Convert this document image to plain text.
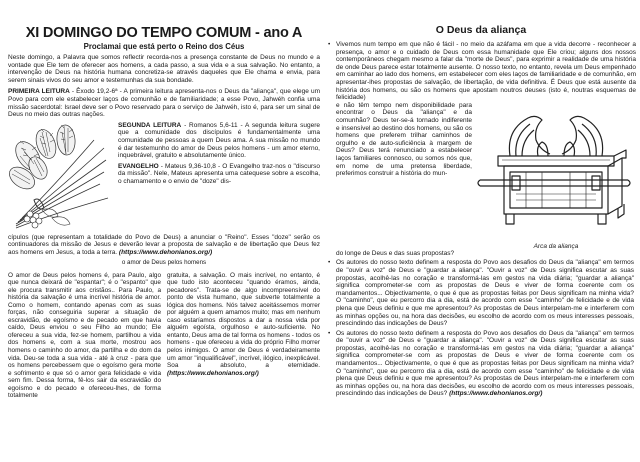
XI DOMINGO DO TEMPO COMUM - ano A
Proclamai que está perto o Reino dos Céus

Neste domingo, a Palavra que somos reflectir recorda-nos a presença constante de Deus no mundo e a vontade que Ele tem de oferecer aos homens, a cada passo, a sua vida e a sua salvação. No entanto, a intervenção de Deus na história humana concretiza-se através daqueles que Ele chama e envia, para serem sinais vivos do seu amor e testemunhas da sua bondade.

PRIMEIRA LEITURA - Êxodo 19,2-6ª - A primeira leitura apresenta-nos o Deus da "aliança", que elege um Povo para com ele estabelecer laços de comunhão e de familiaridade; a esse Povo, Jahwéh confia uma missão sacerdotal: Israel deve ser o Povo reservado para o serviço de Jahwéh, isto é, para ser um sinal de Deus no meio das outras nações.

SEGUNDA LEITURA - Romanos 5,6-11 - A segunda leitura sugere que a comunidade dos discípulos é fundamentalmente uma comunidade de pessoas a quem Deus ama. A sua missão no mundo é dar testemunho do amor de Deus pelos homens - um amor eterno, inquebrável, gratuito e absolutamente único.

EVANGELHO - Mateus 9,36-10,8 - O Evangelho traz-nos o "discurso da missão". Nele, Mateus apresenta uma catequese sobre a escolha, o chamamento e o envio de "doze" dis-

cípulos (que representam a totalidade do Povo de Deus) a anunciar o "Reino". Esses "doze" serão os continuadores da missão de Jesus e deverão levar a proposta de salvação e de libertação que Deus fez aos homens em Jesus, a toda a terra. (https://www.dehonianos.org/)

o amor de Deus pelos homens

O amor de Deus pelos homens é, para Paulo, algo que nunca deixará de "espantar"; é o "espanto" que ele procura transmitir aos cristãos.. Para Paulo, a história da salvação é uma incrível história de amor. Como o homem, contando apenas com as suas forças, não conseguiria superar a situação de escravidão, de egoísmo e de pecado em que havia caído, Deus enviou o seu Filho ao mundo; Ele ofereceu a sua vida, fez-se homem, partilhou a vida dos homens e, com a sua morte, mostrou aos homens o caminho do amor, da partilha e do dom da vida. Deu-se toda a sua vida - até à cruz - para que os homens percebessem que o egoísmo gera morte e sofrimento e que só o amor gera felicidade e vida sem fim. Dessa forma, fê-los sair da escravidão do egoísmo e do pecado e ofereceu-lhes, de forma totalmente

gratuita, a salvação. O mais incrível, no entanto, é que tudo isto aconteceu "quando éramos, ainda, pecadores". Trata-se de algo incompreensível do ponto de vista humano, que subverte totalmente a lógica dos homens. Nós talvez aceitássemos morrer por alguém a quem amamos muito; mas em nenhum caso estaríamos dispostos a dar a nossa vida por alguém egoísta, orgulhoso e auto-suficiente. No entanto, Deus ama de tal forma os homens - todos os homens - que ofereceu a vida do próprio Filho morrer pelos inimigos. O amor de Deus é verdadeiramente um amor "inqualificável", incrível, ilógico, inexplicável. Soa a absoluto, a eternidade. (https://www.dehonianos.org/)

O Deus da aliança
• Vivemos num tempo em que não é fácil - no meio da azáfama em que a vida decorre - reconhecer a presença, o amor e o cuidado de Deus com essa humanidade que Ele criou; alguns dos nossos contemporâneos chegam mesmo a falar da "morte de Deus", para exprimir a realidade de uma história de onde Deus parece estar totalmente ausente. O nosso texto, no entanto, revela um Deus empenhado em caminhar ao lado dos homens, em estabelecer com eles laços de familiaridade e de comunhão, em apresentar-lhes propostas de salvação, de libertação, de vida definitiva. É Deus que está ausente da história dos homens, ou são os homens que apostam noutros deuses (isto é, noutras esquemas de felicidade)

e não têm tempo nem disponibilidade para encontrar o Deus da "aliança" e da comunhão? Deus ter-se-á tornado indiferente e insensível ao destino dos homens, ou são os homens que preferem trilhar caminhos de orgulho e de auto-suficiência à margem de Deus? Deus terá renunciado a estabelecer laços familiares connosco, ou somos nós que, em nome de uma pretensa liberdade, preferimos construir a história do mun-

Arca da aliança

do longe de Deus e das suas propostas?

• Os autores do nosso texto definem a resposta do Povo aos desafios do Deus da "aliança" em termos de "ouvir a voz" de Deus e "guardar a aliança". "Ouvir a voz" de Deus significa escutar as suas propostas, acolhê-las no coração e transformá-las em gestos na vida diária; "guardar a aliança" significa comprometer-se com as propostas de Deus e viver de forma coerente com os mandamentos... Objectivamente, o que é que as propostas feitas por Deus significam na minha vida? O "caminho", que eu percorro dia a dia, está de acordo com esse "caminho" de felicidade e de vida plena que Deus definiu e que me apresentou? As propostas de Deus interpelam-me e interferem com as minhas opções ou, na hora das decisões, eu escolho de acordo com os meus interesses pessoais, prescindindo das indicações de Deus?

• Os autores do nosso texto definem a resposta do Povo aos desafios do Deus da "aliança" em termos de "ouvir a voz" de Deus e "guardar a aliança". "Ouvir a voz" de Deus significa escutar as suas propostas, acolhê-las no coração e transformá-las em gestos na vida diária; "guardar a aliança" significa comprometer-se com as propostas de Deus e viver de forma coerente com os mandamentos... Objectivamente, o que é que as propostas feitas por Deus significam na minha vida? O "caminho", que eu percorro dia a dia, está de acordo com esse "caminho" de felicidade e de vida plena que Deus definiu e que me apresentou? As propostas de Deus interpelam-me e interferem com as minhas opções ou, na hora das decisões, eu escolho de acordo com os meus interesses pessoais, prescindindo das indicações de Deus? (https://www.dehonianos.org/)
